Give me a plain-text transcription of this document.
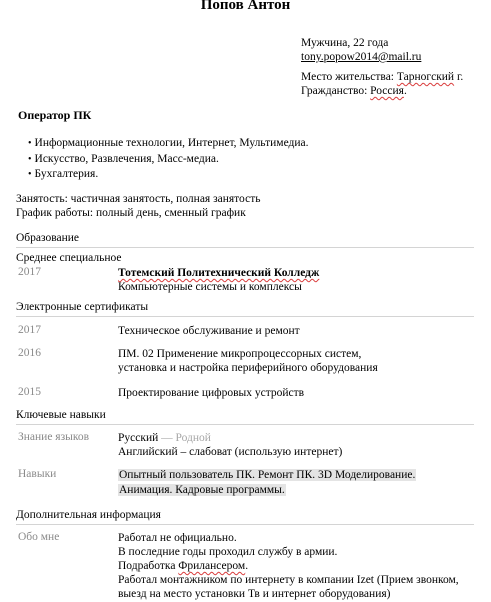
Попов Антон
Мужчина, 22 года
tony.popow2014@mail.ru
Место жительства: Тарногский г.
Гражданство: Россия.
Оператор ПК
• Информационные технологии, Интернет, Мультимедиа.
• Искусство, Развлечения, Масс-медиа.
• Бухгалтерия.
Занятость: частичная занятость, полная занятость
График работы: полный день, сменный график
Образование
Среднее специальное
2017	Тотемский Политехнический Колледж
Компьютерные системы и комплексы
Электронные сертификаты
2017	Техническое обслуживание и ремонт
2016	ПМ. 02 Применение микропроцессорных систем,
установка и настройка периферийного оборудования
2015	Проектирование цифровых устройств
Ключевые навыки
Знание языков	Русский — Родной
Английский – слабоват (использую интернет)
Навыки	Опытный пользователь ПК. Ремонт ПК. 3D Моделирование.
Анимация. Кадровые программы.
Дополнительная информация
Обо мне	Работал не официально.
В последние годы проходил службу в армии.
Подработка Фрилансером.
Работал монтажником по интернету в компании Izet (Прием звонком,
выезд на место установки Тв и интернет оборудования)
